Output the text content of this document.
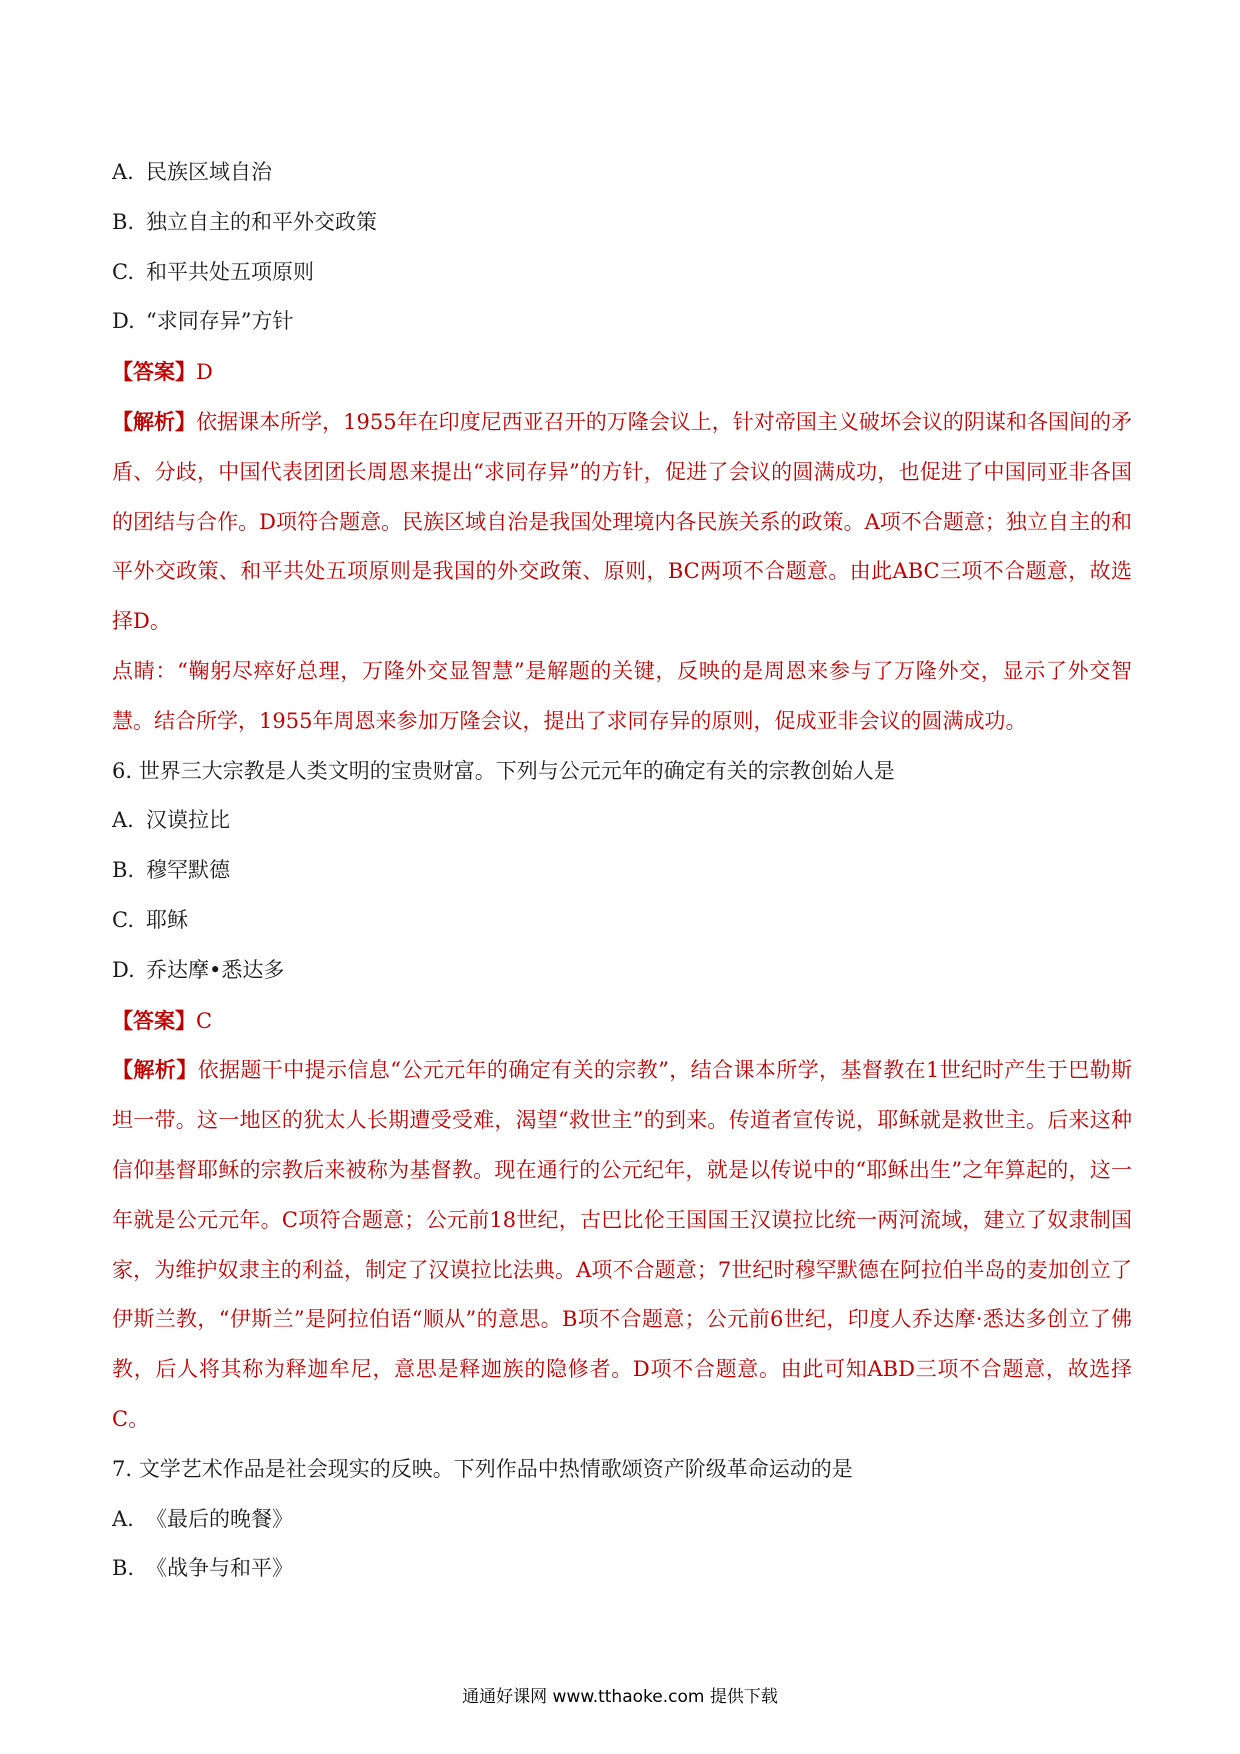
A. 民族区域自治
B. 独立自主的和平外交政策
C. 和平共处五项原则
D. “求同存异”方针
【答案】D
【解析】依据课本所学，1955年在印度尼西亚召开的万隆会议上，针对帝国主义破坏会议的阴谋和各国间的矛盾、分歧，中国代表团团长周恩来提出“求同存异”的方针，促进了会议的圆满成功，也促进了中国同亚非各国的团结与合作。D项符合题意。民族区域自治是我国处理境内各民族关系的政策。A项不合题意；独立自主的和平外交政策、和平共处五项原则是我国的外交政策、原则，BC两项不合题意。由此ABC三项不合题意，故选择D。
点睛：“鞠躬尽瘁好总理，万隆外交显智慧”是解题的关键，反映的是周恩来参与了万隆外交，显示了外交智慧。结合所学，1955年周恩来参加万隆会议，提出了求同存异的原则，促成亚非会议的圆满成功。
6. 世界三大宗教是人类文明的宝贵财富。下列与公元元年的确定有关的宗教创始人是
A. 汉谟拉比
B. 穆罕默德
C. 耶稣
D. 乔达摩•悉达多
【答案】C
【解析】依据题干中提示信息“公元元年的确定有关的宗教”，结合课本所学，基督教在1世纪时产生于巴勒斯坦一带。这一地区的犹太人长期遭受受难，渴望“救世主”的到来。传道者宣传说，耶稣就是救世主。后来这种信仰基督耶稣的宗教后来被称为基督教。现在通行的公元纪年，就是以传说中的“耶稣出生”之年算起的，这一年就是公元元年。C项符合题意；公元前18世纪，古巴比伦王国国王汉谟拉比统一两河流域，建立了奴隶制国家，为维护奴隶主的利益，制定了汉谟拉比法典。A项不合题意；7世纪时穆罕默德在阿拉伯半岛的麦加创立了伊斯兰教，“伊斯兰”是阿拉伯语“顺从”的意思。B项不合题意；公元前6世纪，印度人乔达摩·悉达多创立了佛教，后人将其称为释迦牟尼，意思是释迦族的隐修者。D项不合题意。由此可知ABD三项不合题意，故选择C。
7. 文学艺术作品是社会现实的反映。下列作品中热情歌颂资产阶级革命运动的是
A. 《最后的晚餐》
B. 《战争与和平》
通通好课网 www.tthaoke.com 提供下载
